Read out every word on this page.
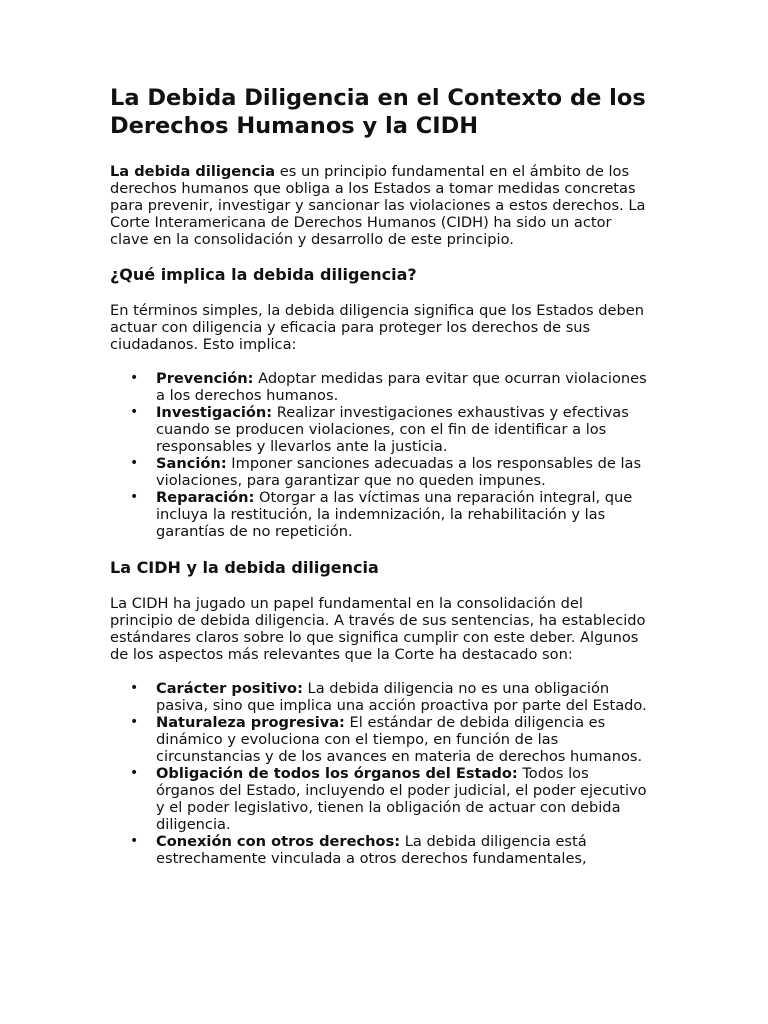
La Debida Diligencia en el Contexto de los Derechos Humanos y la CIDH

La debida diligencia es un principio fundamental en el ámbito de los derechos humanos que obliga a los Estados a tomar medidas concretas para prevenir, investigar y sancionar las violaciones a estos derechos. La Corte Interamericana de Derechos Humanos (CIDH) ha sido un actor clave en la consolidación y desarrollo de este principio.

¿Qué implica la debida diligencia?

En términos simples, la debida diligencia significa que los Estados deben actuar con diligencia y eficacia para proteger los derechos de sus ciudadanos. Esto implica:

• Prevención: Adoptar medidas para evitar que ocurran violaciones a los derechos humanos.
• Investigación: Realizar investigaciones exhaustivas y efectivas cuando se producen violaciones, con el fin de identificar a los responsables y llevarlos ante la justicia.
• Sanción: Imponer sanciones adecuadas a los responsables de las violaciones, para garantizar que no queden impunes.
• Reparación: Otorgar a las víctimas una reparación integral, que incluya la restitución, la indemnización, la rehabilitación y las garantías de no repetición.
La CIDH y la debida diligencia

La CIDH ha jugado un papel fundamental en la consolidación del principio de debida diligencia. A través de sus sentencias, ha establecido estándares claros sobre lo que significa cumplir con este deber. Algunos de los aspectos más relevantes que la Corte ha destacado son:

• Carácter positivo: La debida diligencia no es una obligación pasiva, sino que implica una acción proactiva por parte del Estado.
• Naturaleza progresiva: El estándar de debida diligencia es dinámico y evoluciona con el tiempo, en función de las circunstancias y de los avances en materia de derechos humanos.
• Obligación de todos los órganos del Estado: Todos los órganos del Estado, incluyendo el poder judicial, el poder ejecutivo y el poder legislativo, tienen la obligación de actuar con debida diligencia.
• Conexión con otros derechos: La debida diligencia está estrechamente vinculada a otros derechos fundamentales,
